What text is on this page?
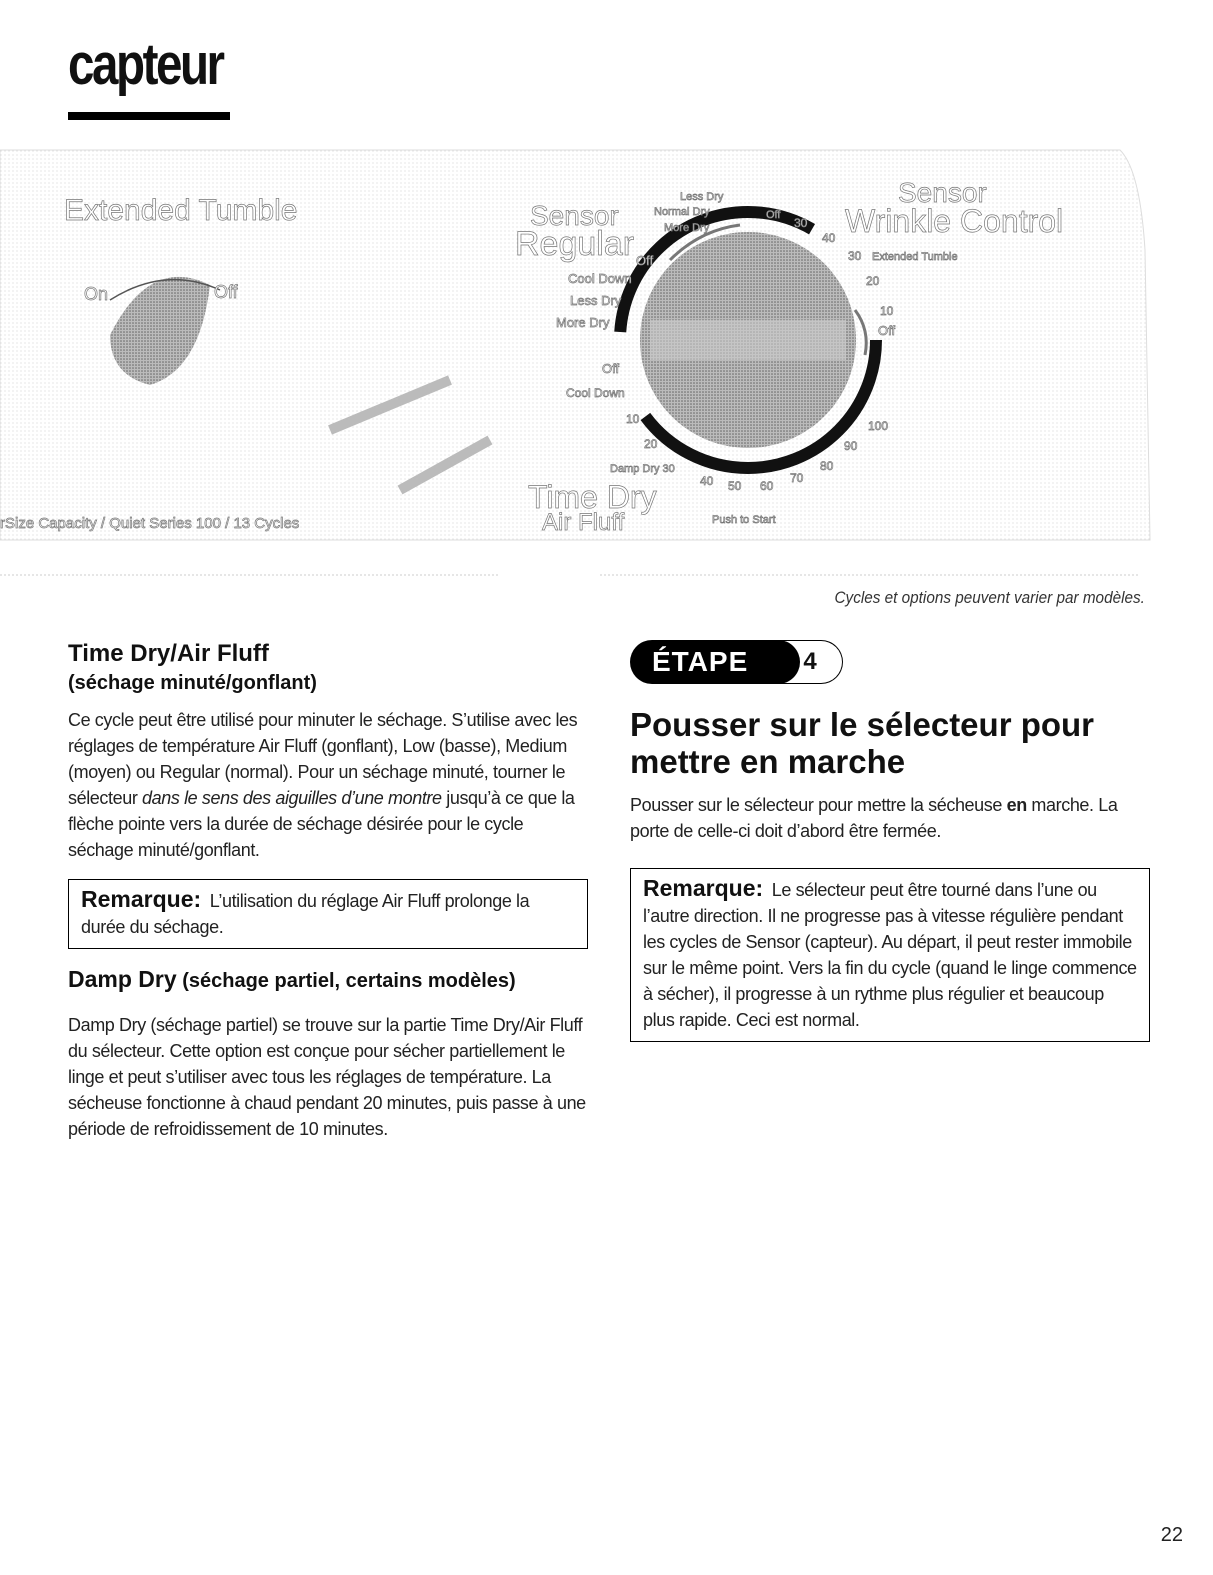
capteur
Extended Tumble
On	Off
Sensor
Regular
Sensor
Wrinkle Control
Time Dry
Air Fluff	Push to Start
rSize Capacity / Quiet Series 100 / 13 Cycles
Less Dry
Normal Dry
More Dry
Off
Off
Cool Down
Less Dry
More Dry
Off
Cool Down
Damp Dry 30
Extended Tumble
Off
30
40
30
20
10
100
90
80
70
60
50
40
10
20
Cycles et options peuvent varier par modèles.
Time Dry/Air Fluff
(séchage minuté/gonflant)

Ce cycle peut être utilisé pour minuter le séchage. S’utilise avec les réglages de température Air Fluff (gonflant), Low (basse), Medium (moyen) ou Regular (normal). Pour un séchage minuté, tourner le sélecteur dans le sens des aiguilles d’une montre jusqu’à ce que la flèche pointe vers la durée de séchage désirée pour le cycle séchage minuté/gonflant.

Remarque: L’utilisation du réglage Air Fluff prolonge la durée du séchage.
Damp Dry (séchage partiel, certains modèles)

Damp Dry (séchage partiel) se trouve sur la partie Time Dry/Air Fluff du sélecteur. Cette option est conçue pour sécher partiellement le linge et peut s’utiliser avec tous les réglages de température. La sécheuse fonctionne à chaud pendant 20 minutes, puis passe à une période de refroidissement de 10 minutes.

4
ÉTAPE
Pousser sur le sélecteur pour mettre en marche

Pousser sur le sélecteur pour mettre la sécheuse en marche. La porte de celle-ci doit d’abord être fermée.

Remarque: Le sélecteur peut être tourné dans l’une ou l’autre direction. Il ne progresse pas à vitesse régulière pendant les cycles de Sensor (capteur). Au départ, il peut rester immobile sur le même point. Vers la fin du cycle (quand le linge commence à sécher), il progresse à un rythme plus régulier et beaucoup plus rapide. Ceci est normal.
22
